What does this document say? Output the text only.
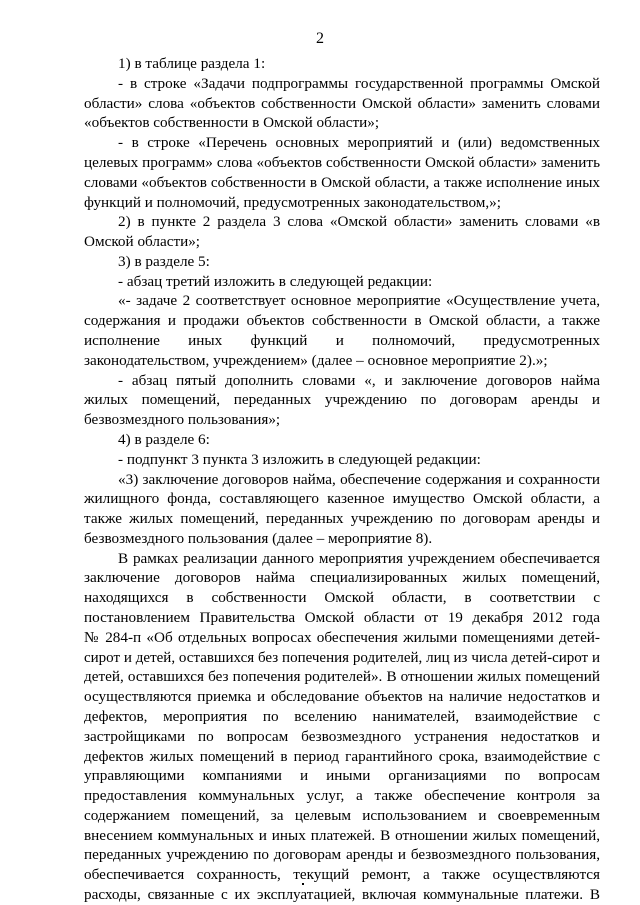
2
1) в таблице раздела 1:
- в строке «Задачи подпрограммы государственной программы Омской
области» слова «объектов собственности Омской области» заменить словами
«объектов собственности в Омской области»;
- в строке «Перечень основных мероприятий и (или) ведомственных
целевых программ» слова «объектов собственности Омской области» заменить
словами «объектов собственности в Омской области, а также исполнение иных
функций и полномочий, предусмотренных законодательством,»;
2) в пункте 2 раздела 3 слова «Омской области» заменить словами «в
Омской области»;
3) в разделе 5:
- абзац третий изложить в следующей редакции:
«- задаче 2 соответствует основное мероприятие «Осуществление учета,
содержания и продажи объектов собственности в Омской области, а также
исполнение иных функций и полномочий, предусмотренных
законодательством, учреждением» (далее – основное мероприятие 2).»;
- абзац пятый дополнить словами «, и заключение договоров найма
жилых помещений, переданных учреждению по договорам аренды и
безвозмездного пользования»;
4) в разделе 6:
- подпункт 3 пункта 3 изложить в следующей редакции:
«3) заключение договоров найма, обеспечение содержания и сохранности
жилищного фонда, составляющего казенное имущество Омской области, а
также жилых помещений, переданных учреждению по договорам аренды и
безвозмездного пользования (далее – мероприятие 8).
В рамках реализации данного мероприятия учреждением обеспечивается
заключение договоров найма специализированных жилых помещений,
находящихся в собственности Омской области, в соответствии с
постановлением Правительства Омской области от 19 декабря 2012 года
№ 284-п «Об отдельных вопросах обеспечения жилыми помещениями детей-
сирот и детей, оставшихся без попечения родителей, лиц из числа детей-сирот и
детей, оставшихся без попечения родителей». В отношении жилых помещений
осуществляются приемка и обследование объектов на наличие недостатков и
дефектов, мероприятия по вселению нанимателей, взаимодействие с
застройщиками по вопросам безвозмездного устранения недостатков и
дефектов жилых помещений в период гарантийного срока, взаимодействие с
управляющими компаниями и иными организациями по вопросам
предоставления коммунальных услуг, а также обеспечение контроля за
содержанием помещений, за целевым использованием и своевременным
внесением коммунальных и иных платежей. В отношении жилых помещений,
переданных учреждению по договорам аренды и безвозмездного пользования,
обеспечивается сохранность, текущий ремонт, а также осуществляются
расходы, связанные с их эксплуатацией, включая коммунальные платежи. В
